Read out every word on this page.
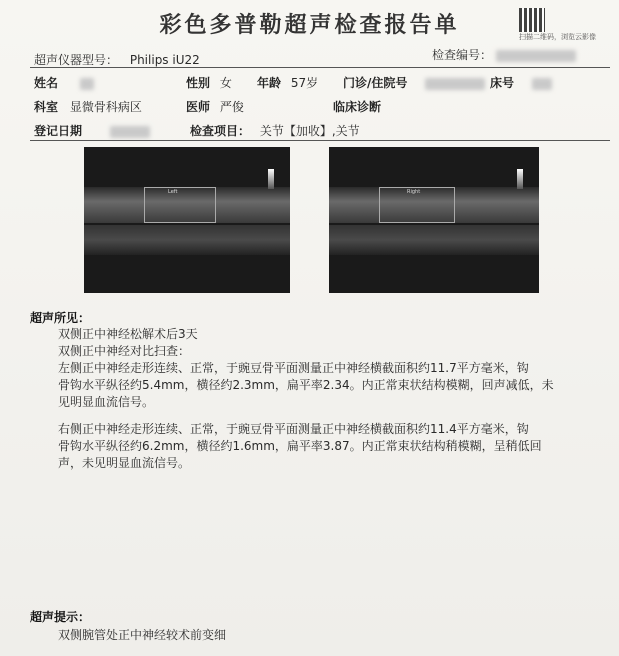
彩色多普勒超声检查报告单	扫描二维码，浏览云影像
超声仪器型号： Philips iU22	检查编号：
姓名	性别 女 年龄 57岁 门诊/住院号	床号
科室 显微骨科病区	医师 严俊	临床诊断
登记日期	检查项目： 关节【加收】,关节
Left	Right
超声所见：
双侧正中神经松解术后3天
双侧正中神经对比扫查：
左侧正中神经走形连续、正常，于豌豆骨平面测量正中神经横截面积约11.7平方毫米，钩
骨钩水平纵径约5.4mm，横径约2.3mm，扁平率2.34。内正常束状结构模糊，回声减低，未
见明显血流信号。
右侧正中神经走形连续、正常，于豌豆骨平面测量正中神经横截面积约11.4平方毫米，钩
骨钩水平纵径约6.2mm，横径约1.6mm，扁平率3.87。内正常束状结构稍模糊，呈稍低回
声，未见明显血流信号。
超声提示：
双侧腕管处正中神经较术前变细
